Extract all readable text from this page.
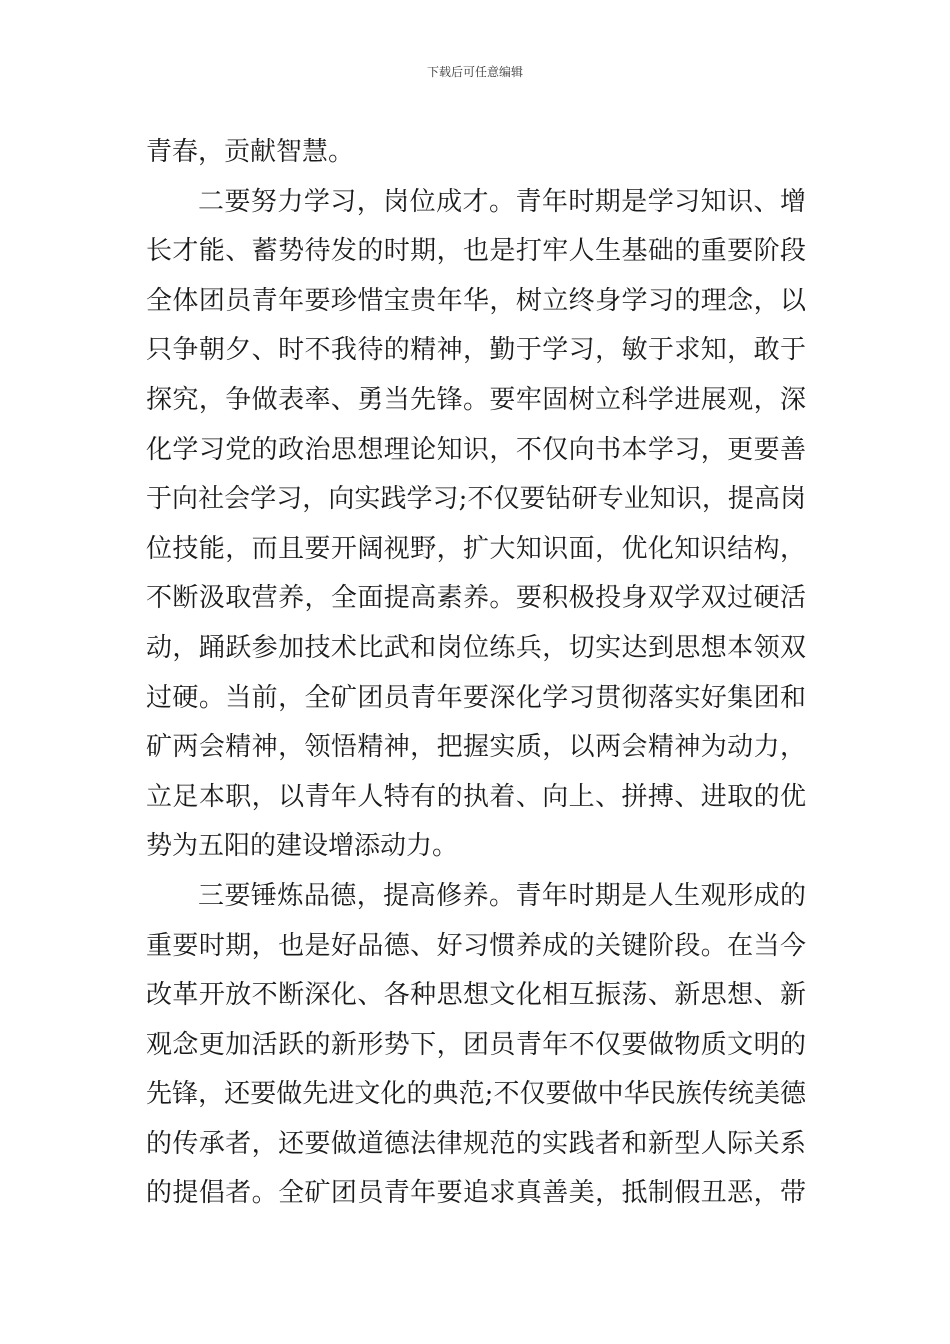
下载后可任意编辑
青春，贡献智慧。
二要努力学习，岗位成才。青年时期是学习知识、增
长才能、蓄势待发的时期，也是打牢人生基础的重要阶段
全体团员青年要珍惜宝贵年华，树立终身学习的理念，以
只争朝夕、时不我待的精神，勤于学习，敏于求知，敢于
探究，争做表率、勇当先锋。要牢固树立科学进展观，深
化学习党的政治思想理论知识，不仅向书本学习，更要善
于向社会学习，向实践学习;不仅要钻研专业知识，提高岗
位技能，而且要开阔视野，扩大知识面，优化知识结构，
不断汲取营养，全面提高素养。要积极投身双学双过硬活
动，踊跃参加技术比武和岗位练兵，切实达到思想本领双
过硬。当前，全矿团员青年要深化学习贯彻落实好集团和
矿两会精神，领悟精神，把握实质，以两会精神为动力，
立足本职，以青年人特有的执着、向上、拼搏、进取的优
势为五阳的建设增添动力。
三要锤炼品德，提高修养。青年时期是人生观形成的
重要时期，也是好品德、好习惯养成的关键阶段。在当今
改革开放不断深化、各种思想文化相互振荡、新思想、新
观念更加活跃的新形势下，团员青年不仅要做物质文明的
先锋，还要做先进文化的典范;不仅要做中华民族传统美德
的传承者，还要做道德法律规范的实践者和新型人际关系
的提倡者。全矿团员青年要追求真善美，抵制假丑恶，带
